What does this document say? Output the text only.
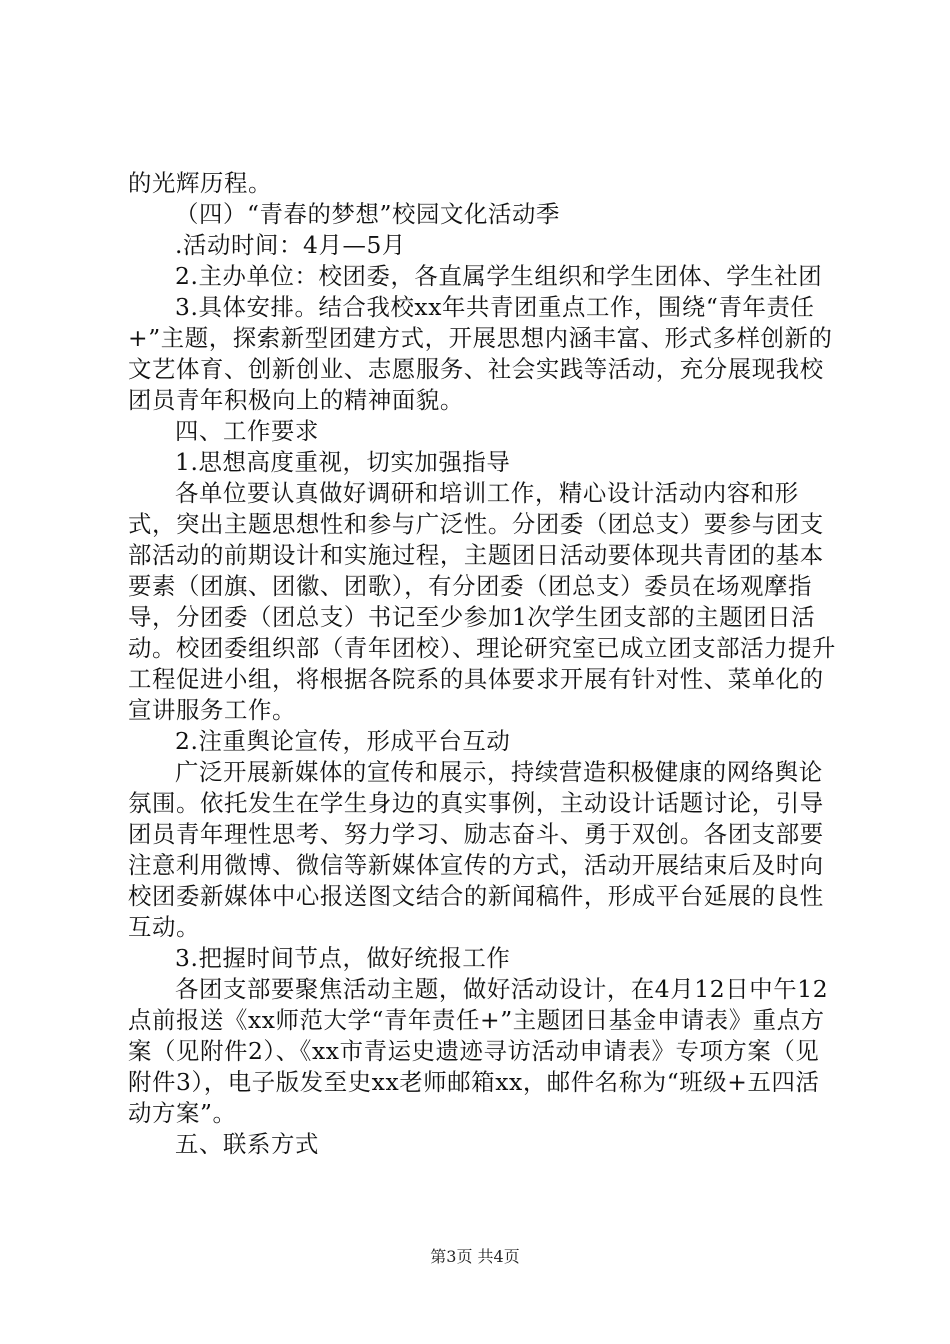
的光辉历程。

（四）“青春的梦想”校园文化活动季

.活动时间：4月—5月

2.主办单位：校团委，各直属学生组织和学生团体、学生社团

3.具体安排。结合我校xx年共青团重点工作，围绕“青年责任+”主题，探索新型团建方式，开展思想内涵丰富、形式多样创新的文艺体育、创新创业、志愿服务、社会实践等活动，充分展现我校团员青年积极向上的精神面貌。

四、工作要求

1.思想高度重视，切实加强指导

各单位要认真做好调研和培训工作，精心设计活动内容和形式，突出主题思想性和参与广泛性。分团委（团总支）要参与团支部活动的前期设计和实施过程，主题团日活动要体现共青团的基本要素（团旗、团徽、团歌），有分团委（团总支）委员在场观摩指导，分团委（团总支）书记至少参加1次学生团支部的主题团日活动。校团委组织部（青年团校）、理论研究室已成立团支部活力提升工程促进小组，将根据各院系的具体要求开展有针对性、菜单化的宣讲服务工作。

2.注重舆论宣传，形成平台互动

广泛开展新媒体的宣传和展示，持续营造积极健康的网络舆论氛围。依托发生在学生身边的真实事例，主动设计话题讨论，引导团员青年理性思考、努力学习、励志奋斗、勇于双创。各团支部要注意利用微博、微信等新媒体宣传的方式，活动开展结束后及时向校团委新媒体中心报送图文结合的新闻稿件，形成平台延展的良性互动。

3.把握时间节点，做好统报工作

各团支部要聚焦活动主题，做好活动设计，在4月12日中午12点前报送《xx师范大学“青年责任+”主题团日基金申请表》重点方案（见附件2）、《xx市青运史遗迹寻访活动申请表》专项方案（见附件3），电子版发至史xx老师邮箱xx，邮件名称为“班级+五四活动方案”。

五、联系方式

第3页 共4页
